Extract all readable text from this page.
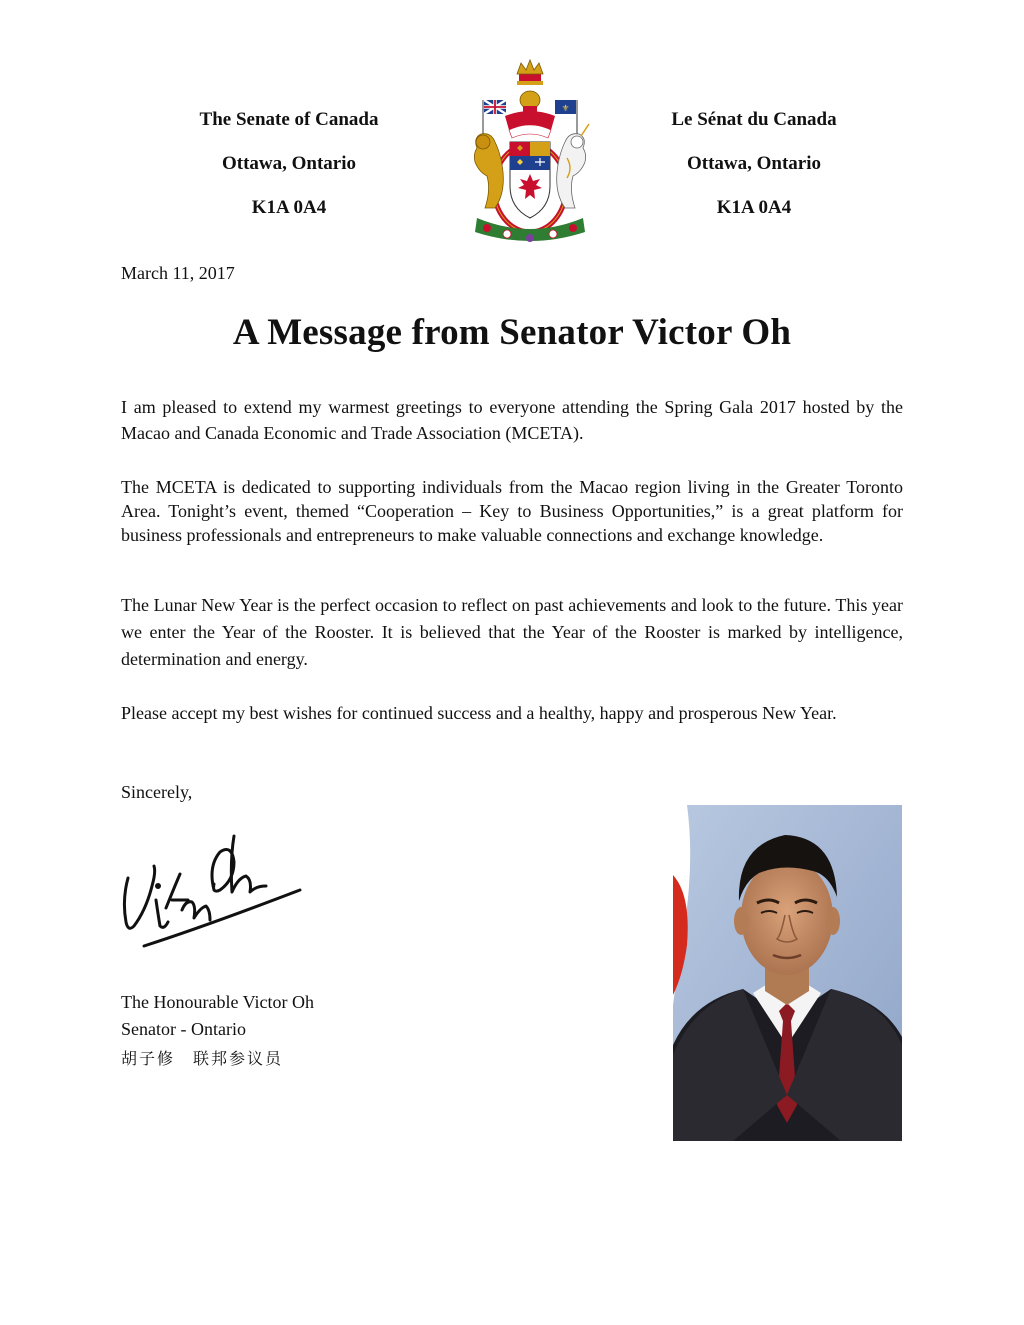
The Senate of Canada
Ottawa, Ontario
K1A 0A4
⚜	Le Sénat du Canada
Ottawa, Ontario
K1A 0A4
March 11, 2017
A Message from Senator Victor Oh
I am pleased to extend my warmest greetings to everyone attending the Spring Gala 2017 hosted by the Macao and Canada Economic and Trade Association (MCETA).
The MCETA is dedicated to supporting individuals from the Macao region living in the Greater Toronto Area. Tonight’s event, themed “Cooperation – Key to Business Opportunities,” is a great platform for business professionals and entrepreneurs to make valuable connections and exchange knowledge.
The Lunar New Year is the perfect occasion to reflect on past achievements and look to the future. This year we enter the Year of the Rooster. It is believed that the Year of the Rooster is marked by intelligence, determination and energy.
Please accept my best wishes for continued success and a healthy, happy and prosperous New Year.
Sincerely,
The Honourable Victor Oh
Senator - Ontario
胡子修　联邦参议员
